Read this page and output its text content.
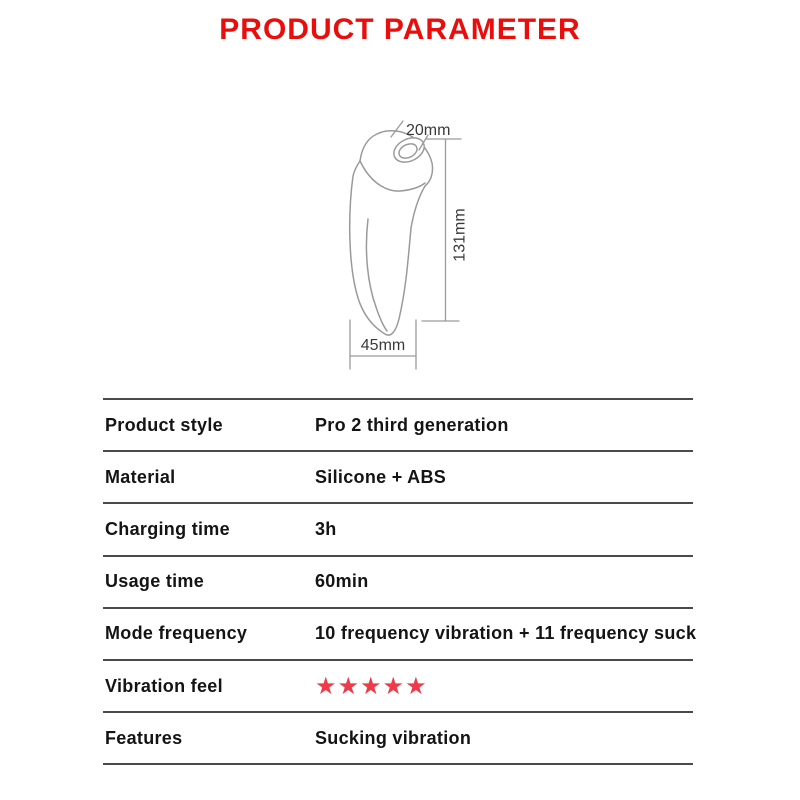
PRODUCT PARAMETER
20mm
131mm
45mm
Product style	Pro 2 third generation
Material	Silicone + ABS
Charging time	3h
Usage time	60min
Mode frequency	10 frequency vibration + 11 frequency suck
Vibration feel	★★★★★
Features	Sucking vibration
